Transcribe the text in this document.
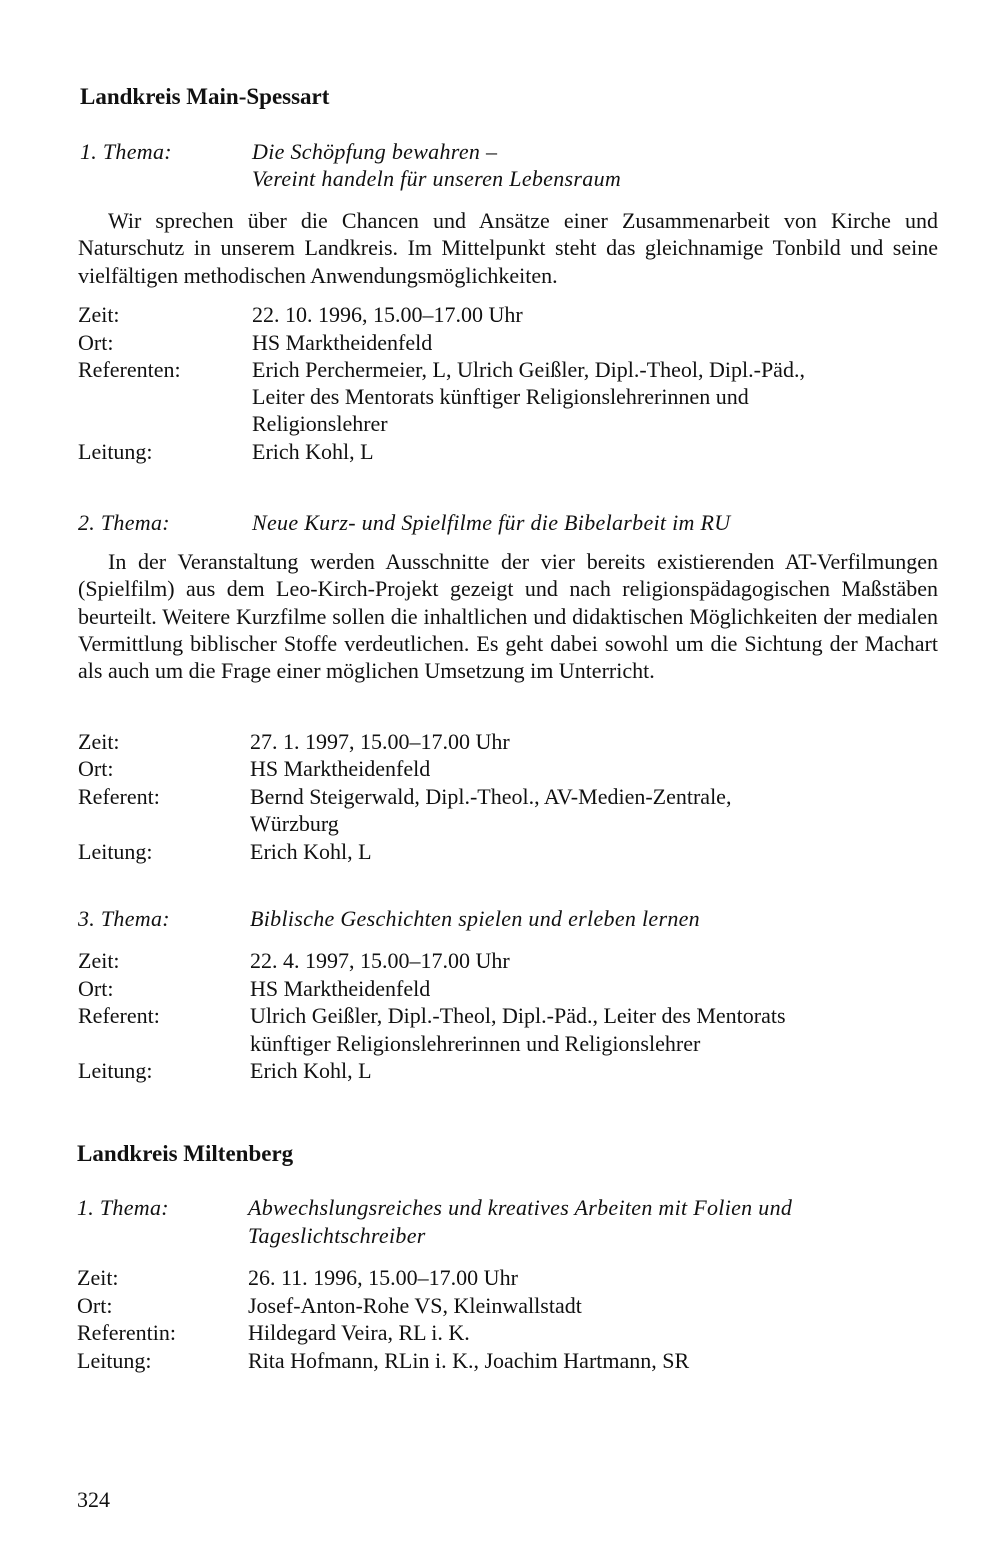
Landkreis Main-Spessart
1. Thema:	Die Schöpfung bewahren –
Vereint handeln für unseren Lebensraum
Wir sprechen über die Chancen und Ansätze einer Zusammenarbeit von Kirche und Naturschutz in unserem Landkreis. Im Mittelpunkt steht das gleichnamige Tonbild und seine vielfältigen methodischen Anwendungsmöglichkeiten.
Zeit:	22. 10. 1996, 15.00–17.00 Uhr
Ort:	HS Marktheidenfeld
Referenten:	Erich Perchermeier, L, Ulrich Geißler, Dipl.-Theol, Dipl.-Päd.,
Leiter des Mentorats künftiger Religionslehrerinnen und
Religionslehrer
Leitung:	Erich Kohl, L
2. Thema:	Neue Kurz- und Spielfilme für die Bibelarbeit im RU
In der Veranstaltung werden Ausschnitte der vier bereits existierenden AT-Verfilmungen (Spielfilm) aus dem Leo-Kirch-Projekt gezeigt und nach religionspädagogischen Maßstäben beurteilt. Weitere Kurzfilme sollen die inhaltlichen und didaktischen Möglichkeiten der medialen Vermittlung biblischer Stoffe verdeutlichen. Es geht dabei sowohl um die Sichtung der Machart als auch um die Frage einer möglichen Umsetzung im Unterricht.
Zeit:	27. 1. 1997, 15.00–17.00 Uhr
Ort:	HS Marktheidenfeld
Referent:	Bernd Steigerwald, Dipl.-Theol., AV-Medien-Zentrale,
Würzburg
Leitung:	Erich Kohl, L
3. Thema:	Biblische Geschichten spielen und erleben lernen
Zeit:	22. 4. 1997, 15.00–17.00 Uhr
Ort:	HS Marktheidenfeld
Referent:	Ulrich Geißler, Dipl.-Theol, Dipl.-Päd., Leiter des Mentorats
künftiger Religionslehrerinnen und Religionslehrer
Leitung:	Erich Kohl, L
Landkreis Miltenberg
1. Thema:	Abwechslungsreiches und kreatives Arbeiten mit Folien und
Tageslichtschreiber
Zeit:	26. 11. 1996, 15.00–17.00 Uhr
Ort:	Josef-Anton-Rohe VS, Kleinwallstadt
Referentin:	Hildegard Veira, RL i. K.
Leitung:	Rita Hofmann, RLin i. K., Joachim Hartmann, SR
324
